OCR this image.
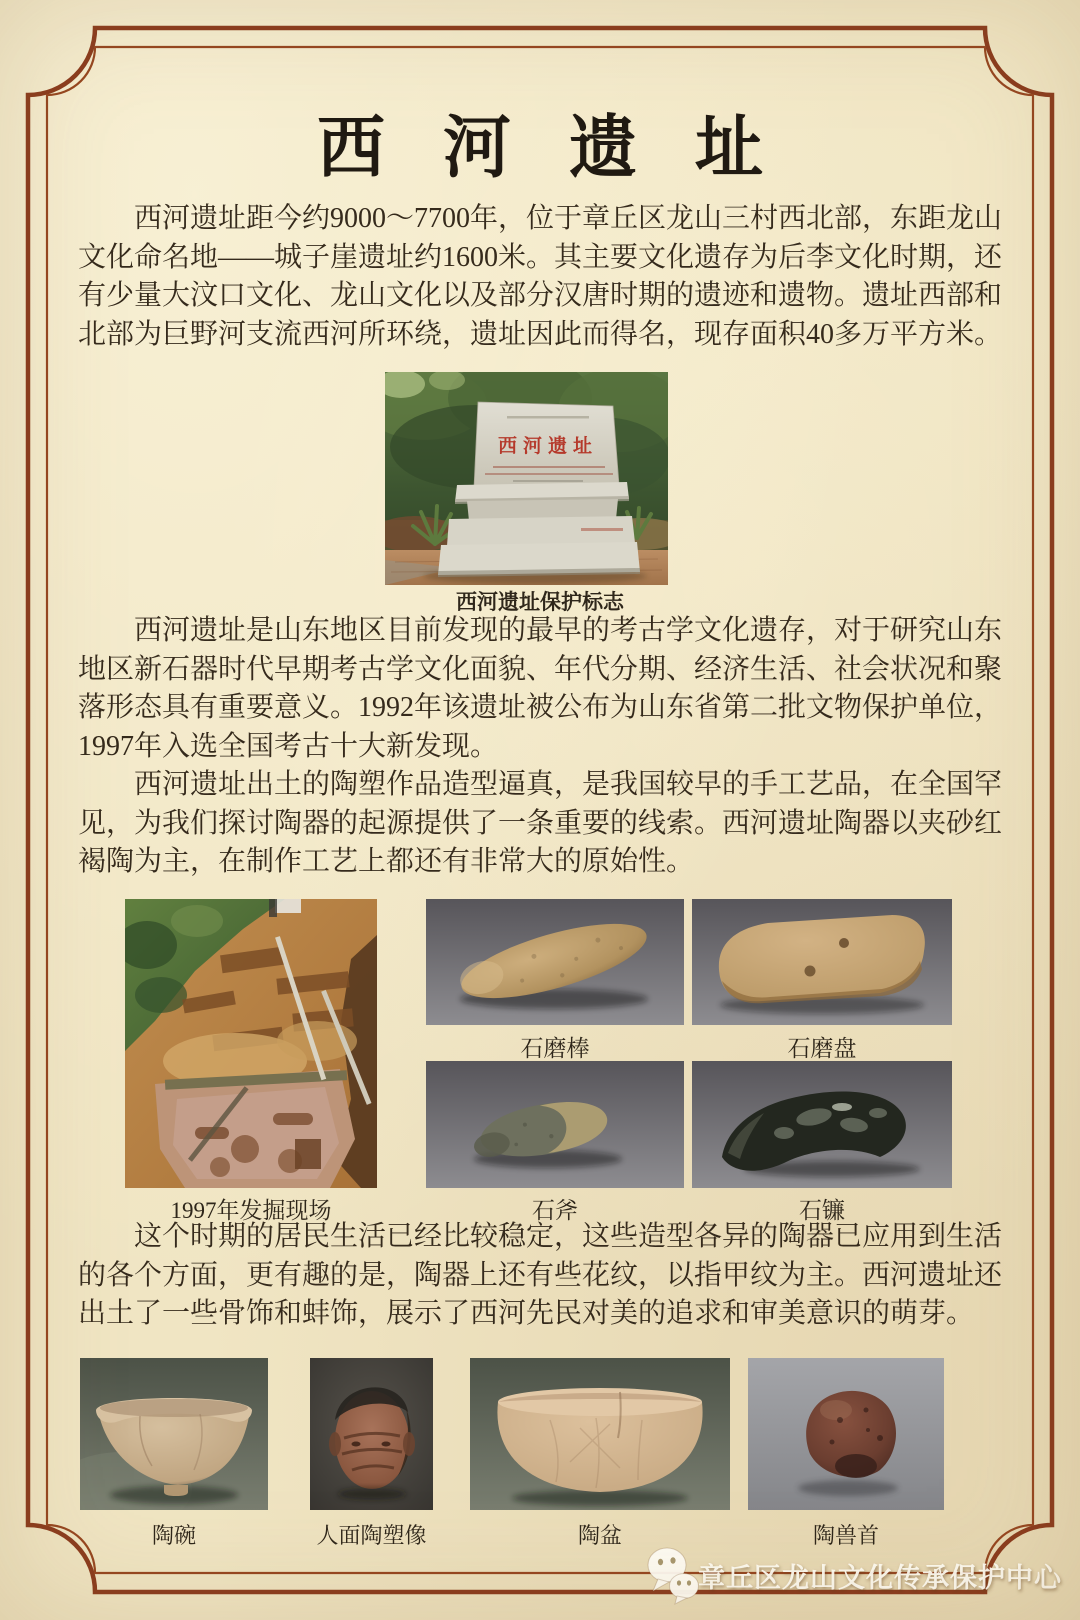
西河遗址

西河遗址距今约9000～7700年，位于章丘区龙山三村西北部，东距龙山文化命名地——城子崖遗址约1600米。其主要文化遗存为后李文化时期，还有少量大汶口文化、龙山文化以及部分汉唐时期的遗迹和遗物。遗址西部和北部为巨野河支流西河所环绕，遗址因此而得名，现存面积40多万平方米。

西河遗址
西河遗址保护标志

西河遗址是山东地区目前发现的最早的考古学文化遗存，对于研究山东地区新石器时代早期考古学文化面貌、年代分期、经济生活、社会状况和聚落形态具有重要意义。1992年该遗址被公布为山东省第二批文物保护单位，1997年入选全国考古十大新发现。

西河遗址出土的陶塑作品造型逼真，是我国较早的手工艺品，在全国罕见，为我们探讨陶器的起源提供了一条重要的线索。西河遗址陶器以夹砂红褐陶为主，在制作工艺上都还有非常大的原始性。

1997年发掘现场
石磨棒	石磨盘
石斧	石镰

这个时期的居民生活已经比较稳定，这些造型各异的陶器已应用到生活的各个方面，更有趣的是，陶器上还有些花纹，以指甲纹为主。西河遗址还出土了一些骨饰和蚌饰，展示了西河先民对美的追求和审美意识的萌芽。

陶碗	人面陶塑像	陶盆	陶兽首
章丘区龙山文化传承保护中心
